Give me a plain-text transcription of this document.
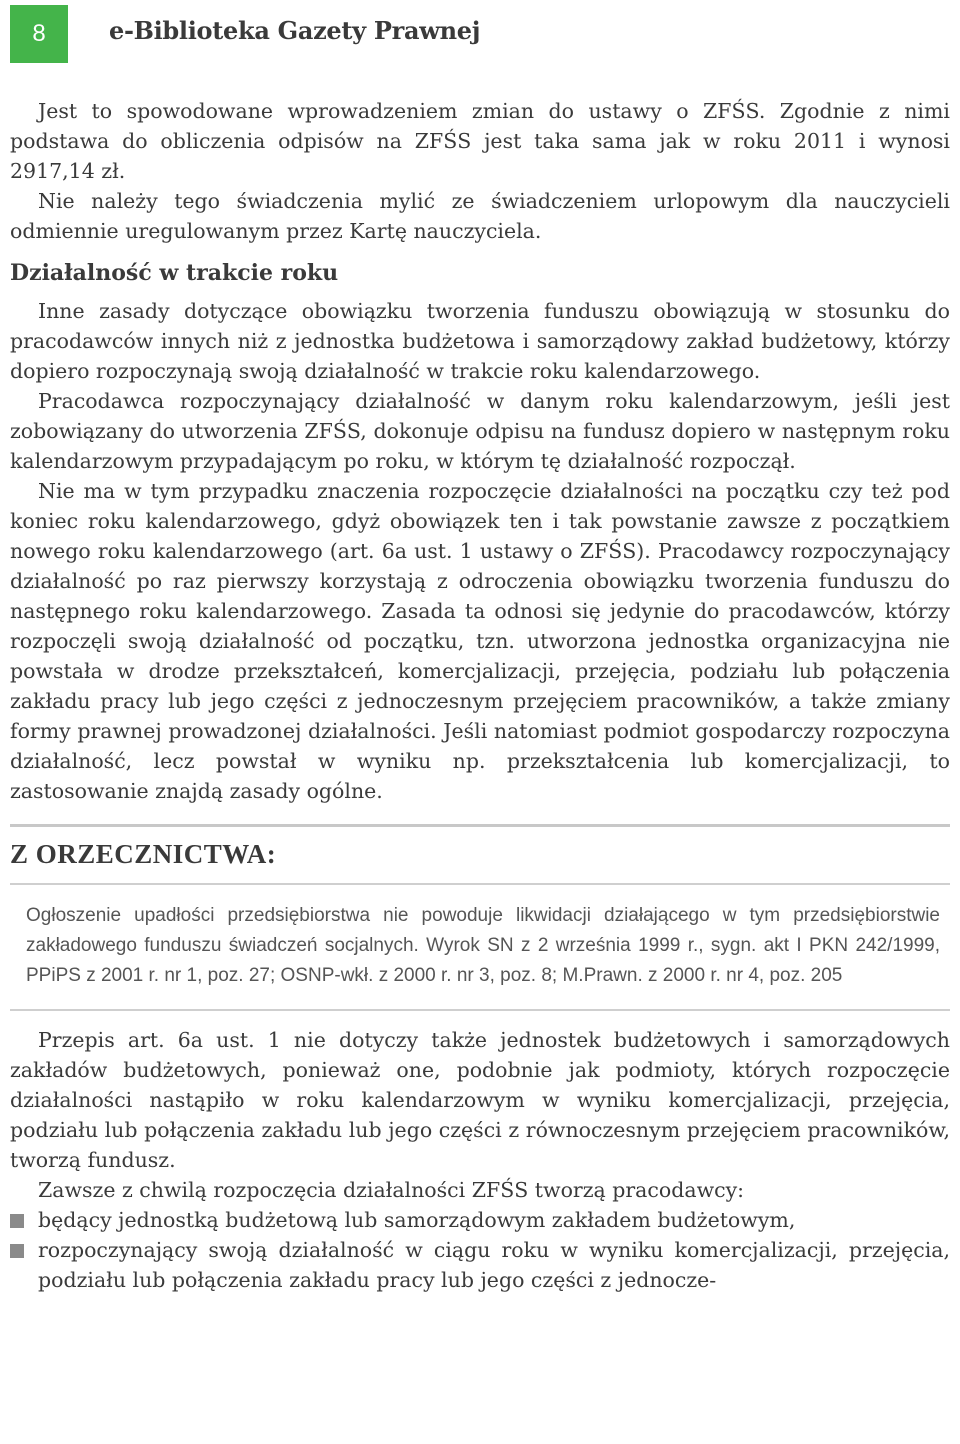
8	e-Biblioteka Gazety Prawnej

Jest to spowodowane wprowadzeniem zmian do ustawy o ZFŚS. Zgodnie z nimi podstawa do obliczenia odpisów na ZFŚS jest taka sama jak w roku 2011 i wynosi 2917,14 zł.

Nie należy tego świadczenia mylić ze świadczeniem urlopowym dla nauczycieli odmiennie uregulowanym przez Kartę nauczyciela.

Działalność w trakcie roku

Inne zasady dotyczące obowiązku tworzenia funduszu obowiązują w stosunku do pracodawców innych niż z jednostka budżetowa i samorządowy zakład budżetowy, którzy dopiero rozpoczynają swoją działalność w trakcie roku kalendarzowego.

Pracodawca rozpoczynający działalność w danym roku kalendarzowym, jeśli jest zobowiązany do utworzenia ZFŚS, dokonuje odpisu na fundusz dopiero w następnym roku kalendarzowym przypadającym po roku, w którym tę działalność rozpoczął.

Nie ma w tym przypadku znaczenia rozpoczęcie działalności na początku czy też pod koniec roku kalendarzowego, gdyż obowiązek ten i tak powstanie zawsze z początkiem nowego roku kalendarzowego (art. 6a ust. 1 ustawy o ZFŚS). Pracodawcy rozpoczynający działalność po raz pierwszy korzystają z odroczenia obowiązku tworzenia funduszu do następnego roku kalendarzowego. Zasada ta odnosi się jedynie do pracodawców, którzy rozpoczęli swoją działalność od początku, tzn. utworzona jednostka organizacyjna nie powstała w drodze przekształceń, komercjalizacji, przejęcia, podziału lub połączenia zakładu pracy lub jego części z jednoczesnym przejęciem pracowników, a także zmiany formy prawnej prowadzonej działalności. Jeśli natomiast podmiot gospodarczy rozpoczyna działalność, lecz powstał w wyniku np. przekształcenia lub komercjalizacji, to zastosowanie znajdą zasady ogólne.

Z ORZECZNICTWA:
Ogłoszenie upadłości przedsiębiorstwa nie powoduje likwidacji działającego w tym przedsiębiorstwie zakładowego funduszu świadczeń socjalnych. Wyrok SN z 2 września 1999 r., sygn. akt I PKN 242/1999, PPiPS z 2001 r. nr 1, poz. 27; OSNP-wkł. z 2000 r. nr 3, poz. 8; M.Prawn. z 2000 r. nr 4, poz. 205

Przepis art. 6a ust. 1 nie dotyczy także jednostek budżetowych i samorządowych zakładów budżetowych, ponieważ one, podobnie jak podmioty, których rozpoczęcie działalności nastąpiło w roku kalendarzowym w wyniku komercjalizacji, przejęcia, podziału lub połączenia zakładu lub jego części z równoczesnym przejęciem pracowników, tworzą fundusz.

Zawsze z chwilą rozpoczęcia działalności ZFŚS tworzą pracodawcy:

będący jednostką budżetową lub samorządowym zakładem budżetowym,
rozpoczynający swoją działalność w ciągu roku w wyniku komercjalizacji, przejęcia, podziału lub połączenia zakładu pracy lub jego części z jednocze-
